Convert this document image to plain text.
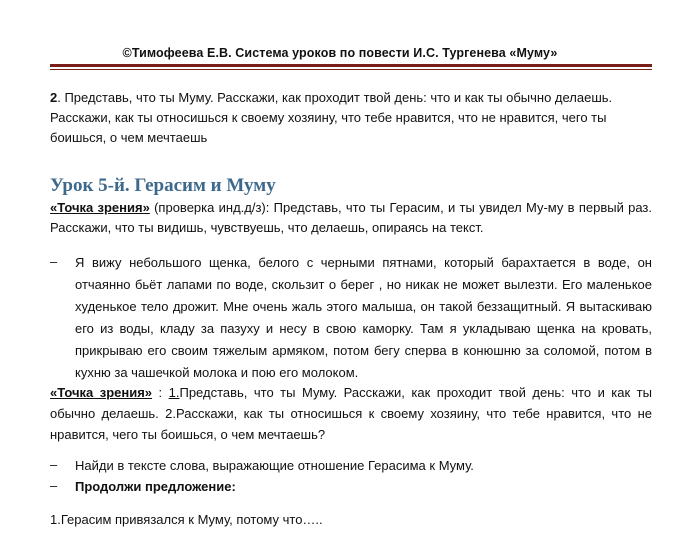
©Тимофеева Е.В. Система уроков по повести И.С. Тургенева «Муму»
2. Представь, что ты Муму. Расскажи, как проходит твой день: что и как ты обычно делаешь. Расскажи, как ты относишься к своему хозяину, что тебе нравится, что не нравится, чего ты боишься, о чем мечтаешь
Урок 5-й. Герасим и Муму
«Точка зрения» (проверка инд.д/з): Представь, что ты Герасим, и ты увидел Му-му в первый раз. Расскажи, что ты видишь, чувствуешь, что делаешь, опираясь на текст.
–	Я вижу небольшого щенка, белого с черными пятнами, который барахтается в воде, он отчаянно бьёт лапами по воде, скользит о берег , но никак не может вылезти. Его маленькое худенькое тело дрожит. Мне очень жаль этого малыша, он такой беззащитный. Я вытаскиваю его из воды, кладу за пазуху и несу в свою каморку. Там я укладываю щенка на кровать, прикрываю его своим тяжелым армяком, потом бегу сперва в конюшню за соломой, потом в кухню за чашечкой молока и пою его молоком.
«Точка зрения» : 1.Представь, что ты Муму. Расскажи, как проходит твой день: что и как ты обычно делаешь. 2.Расскажи, как ты относишься к своему хозяину, что тебе нравится, что не нравится, чего ты боишься, о чем мечтаешь?
–	Найди в тексте слова, выражающие отношение Герасима к Муму.
–	Продолжи предложение:
1.Герасим привязался к Муму, потому что…..
